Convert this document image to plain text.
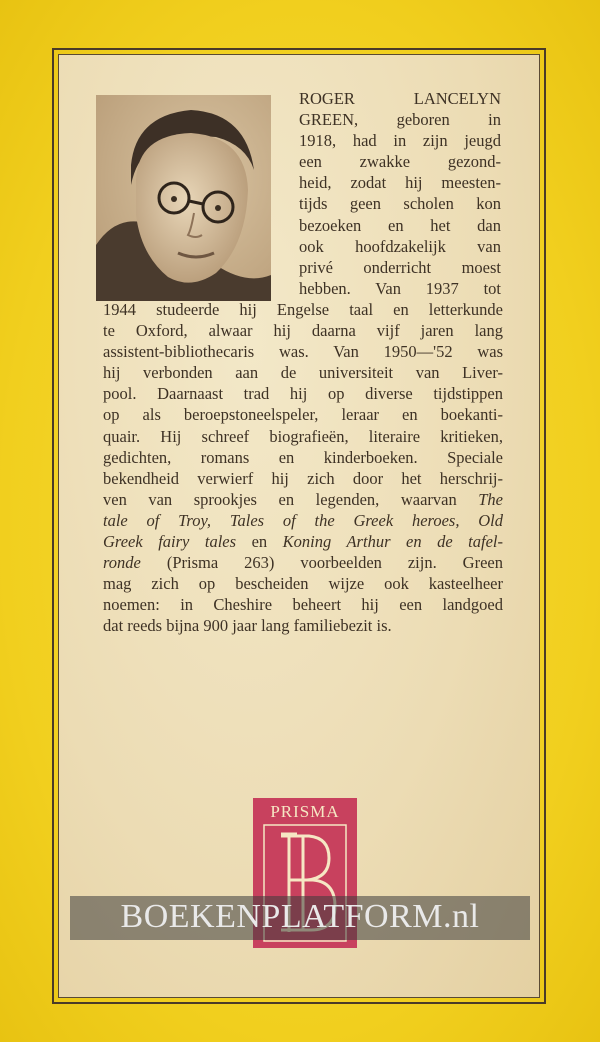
ROGER LANCELYN
GREEN, geboren in
1918, had in zijn jeugd
een zwakke gezond-
heid, zodat hij meesten-
tijds geen scholen kon
bezoeken en het dan
ook hoofdzakelijk van
privé onderricht moest
hebben. Van 1937 tot
1944 studeerde hij Engelse taal en letterkunde
te Oxford, alwaar hij daarna vijf jaren lang
assistent-bibliothecaris was. Van 1950—'52 was
hij verbonden aan de universiteit van Liver-
pool. Daarnaast trad hij op diverse tijdstippen
op als beroepstoneelspeler, leraar en boekanti-
quair. Hij schreef biografieën, literaire kritieken,
gedichten, romans en kinderboeken. Speciale
bekendheid verwierf hij zich door het herschrij-
ven van sprookjes en legenden, waarvan The
tale of Troy, Tales of the Greek heroes, Old
Greek fairy tales en Koning Arthur en de tafel-
ronde (Prisma 263) voorbeelden zijn. Green
mag zich op bescheiden wijze ook kasteelheer
noemen: in Cheshire beheert hij een landgoed
dat reeds bijna 900 jaar lang familiebezit is.
PRISMA
BOEKENPLATFORM.nl
